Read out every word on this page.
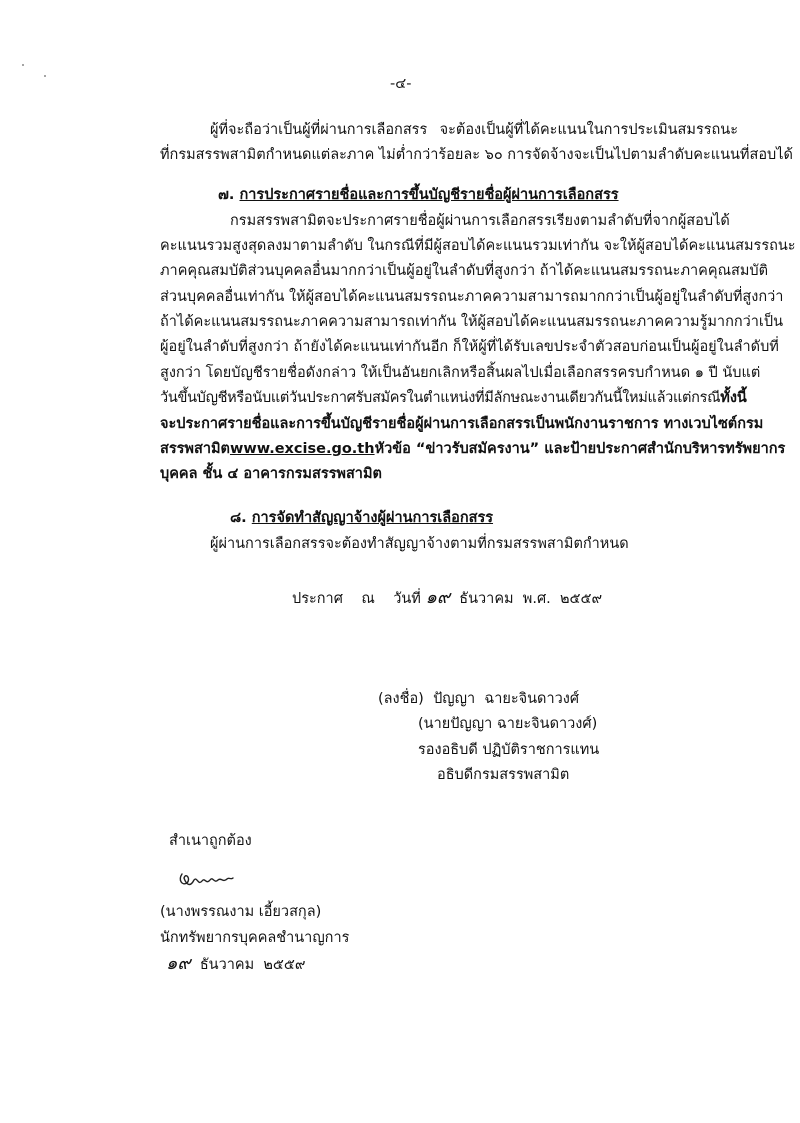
-๔-
ผู้ที่จะถือว่าเป็นผู้ที่ผ่านการเลือกสรร จะต้องเป็นผู้ที่ได้คะแนนในการประเมินสมรรถนะ
ที่กรมสรรพสามิตกำหนดแต่ละภาค ไม่ต่ำกว่าร้อยละ ๖๐ การจัดจ้างจะเป็นไปตามลำดับคะแนนที่สอบได้
๗. การประกาศรายชื่อและการขึ้นบัญชีรายชื่อผู้ผ่านการเลือกสรร
กรมสรรพสามิตจะประกาศรายชื่อผู้ผ่านการเลือกสรรเรียงตามลำดับที่จากผู้สอบได้
คะแนนรวมสูงสุดลงมาตามลำดับ ในกรณีที่มีผู้สอบได้คะแนนรวมเท่ากัน จะให้ผู้สอบได้คะแนนสมรรถนะ
ภาคคุณสมบัติส่วนบุคคลอื่นมากกว่าเป็นผู้อยู่ในลำดับที่สูงกว่า ถ้าได้คะแนนสมรรถนะภาคคุณสมบัติ
ส่วนบุคคลอื่นเท่ากัน ให้ผู้สอบได้คะแนนสมรรถนะภาคความสามารถมากกว่าเป็นผู้อยู่ในลำดับที่สูงกว่า
ถ้าได้คะแนนสมรรถนะภาคความสามารถเท่ากัน ให้ผู้สอบได้คะแนนสมรรถนะภาคความรู้มากกว่าเป็น
ผู้อยู่ในลำดับที่สูงกว่า ถ้ายังได้คะแนนเท่ากันอีก ก็ให้ผู้ที่ได้รับเลขประจำตัวสอบก่อนเป็นผู้อยู่ในลำดับที่
สูงกว่า โดยบัญชีรายชื่อดังกล่าว ให้เป็นอันยกเลิกหรือสิ้นผลไปเมื่อเลือกสรรครบกำหนด ๑ ปี นับแต่
วันขึ้นบัญชีหรือนับแต่วันประกาศรับสมัครในตำแหน่งที่มีลักษณะงานเดียวกันนี้ใหม่แล้วแต่กรณี ทั้งนี้
จะประกาศรายชื่อและการขึ้นบัญชีรายชื่อผู้ผ่านการเลือกสรรเป็นพนักงานราชการ ทางเวบไซต์กรม
สรรพสามิต www.excise.go.th หัวข้อ “ข่าวรับสมัครงาน” และป้ายประกาศสำนักบริหารทรัพยากร
บุคคล ชั้น ๔ อาคารกรมสรรพสามิต
๘. การจัดทำสัญญาจ้างผู้ผ่านการเลือกสรร
ผู้ผ่านการเลือกสรรจะต้องทำสัญญาจ้างตามที่กรมสรรพสามิตกำหนด
ประกาศ    ณ    วันที่ ๑๙ ธันวาคม  พ.ศ.  ๒๕๕๙
(ลงชื่อ) ปัญญา  ฉายะจินดาวงศ์
(นายปัญญา ฉายะจินดาวงศ์)
รองอธิบดี ปฏิบัติราชการแทน
อธิบดีกรมสรรพสามิต
สำเนาถูกต้อง
(นางพรรณงาม เอี้ยวสกุล)
นักทรัพยากรบุคคลชำนาญการ
๑๙ ธันวาคม  ๒๕๕๙
